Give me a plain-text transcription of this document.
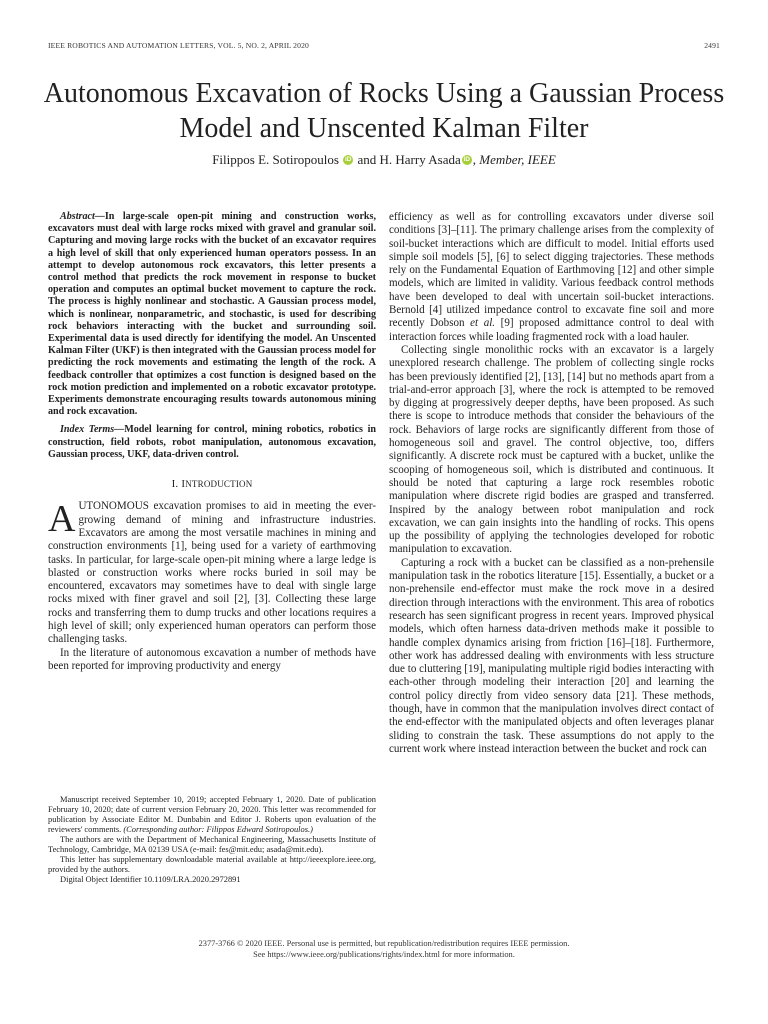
IEEE ROBOTICS AND AUTOMATION LETTERS, VOL. 5, NO. 2, APRIL 2020	2491
Autonomous Excavation of Rocks Using a Gaussian Process Model and Unscented Kalman Filter
Filippos E. Sotiropoulos iD and H. Harry Asada iD , Member, IEEE

Abstract—In large-scale open-pit mining and construction works, excavators must deal with large rocks mixed with gravel and granular soil. Capturing and moving large rocks with the bucket of an excavator requires a high level of skill that only experienced human operators possess. In an attempt to develop autonomous rock excavators, this letter presents a control method that predicts the rock movement in response to bucket operation and computes an optimal bucket movement to capture the rock. The process is highly nonlinear and stochastic. A Gaussian process model, which is nonlinear, nonparametric, and stochastic, is used for describing rock behaviors interacting with the bucket and surrounding soil. Experimental data is used directly for identifying the model. An Unscented Kalman Filter (UKF) is then integrated with the Gaussian process model for predicting the rock movements and estimating the length of the rock. A feedback controller that optimizes a cost function is designed based on the rock motion prediction and implemented on a robotic excavator prototype. Experiments demonstrate encouraging results towards autonomous mining and rock excavation.

Index Terms—Model learning for control, mining robotics, robotics in construction, field robots, robot manipulation, autonomous excavation, Gaussian process, UKF, data-driven control.

I. INTRODUCTION

AUTONOMOUS excavation promises to aid in meeting the ever-growing demand of mining and infrastructure industries. Excavators are among the most versatile machines in mining and construction environments [1], being used for a variety of earthmoving tasks. In particular, for large-scale open-pit mining where a large ledge is blasted or construction works where rocks buried in soil may be encountered, excavators may sometimes have to deal with single large rocks mixed with finer gravel and soil [2], [3]. Collecting these large rocks and transferring them to dump trucks and other locations requires a high level of skill; only experienced human operators can perform those challenging tasks.

In the literature of autonomous excavation a number of methods have been reported for improving productivity and energy

Manuscript received September 10, 2019; accepted February 1, 2020. Date of publication February 10, 2020; date of current version February 20, 2020. This letter was recommended for publication by Associate Editor M. Dunbabin and Editor J. Roberts upon evaluation of the reviewers' comments. (Corresponding author: Filippos Edward Sotiropoulos.)

The authors are with the Department of Mechanical Engineering, Massachusetts Institute of Technology, Cambridge, MA 02139 USA (e-mail: fes@mit.edu; asada@mit.edu).

This letter has supplementary downloadable material available at http://ieeexplore.ieee.org, provided by the authors.

Digital Object Identifier 10.1109/LRA.2020.2972891

efficiency as well as for controlling excavators under diverse soil conditions [3]–[11]. The primary challenge arises from the complexity of soil-bucket interactions which are difficult to model. Initial efforts used simple soil models [5], [6] to select digging trajectories. These methods rely on the Fundamental Equation of Earthmoving [12] and other simple models, which are limited in validity. Various feedback control methods have been developed to deal with uncertain soil-bucket interactions. Bernold [4] utilized impedance control to excavate fine soil and more recently Dobson et al. [9] proposed admittance control to deal with interaction forces while loading fragmented rock with a load hauler.

Collecting single monolithic rocks with an excavator is a largely unexplored research challenge. The problem of collecting single rocks has been previously identified [2], [13], [14] but no methods apart from a trial-and-error approach [3], where the rock is attempted to be removed by digging at progressively deeper depths, have been proposed. As such there is scope to introduce methods that consider the behaviours of the rock. Behaviors of large rocks are significantly different from those of homogeneous soil and gravel. The control objective, too, differs significantly. A discrete rock must be captured with a bucket, unlike the scooping of homogeneous soil, which is distributed and continuous. It should be noted that capturing a large rock resembles robotic manipulation where discrete rigid bodies are grasped and transferred. Inspired by the analogy between robot manipulation and rock excavation, we can gain insights into the handling of rocks. This opens up the possibility of applying the technologies developed for robotic manipulation to excavation.

Capturing a rock with a bucket can be classified as a non-prehensile manipulation task in the robotics literature [15]. Essentially, a bucket or a non-prehensile end-effector must make the rock move in a desired direction through interactions with the environment. This area of robotics research has seen significant progress in recent years. Improved physical models, which often harness data-driven methods make it possible to handle complex dynamics arising from friction [16]–[18]. Furthermore, other work has addressed dealing with environments with less structure due to cluttering [19], manipulating multiple rigid bodies interacting with each-other through modeling their interaction [20] and learning the control policy directly from video sensory data [21]. These methods, though, have in common that the manipulation involves direct contact of the end-effector with the manipulated objects and often leverages planar sliding to constrain the task. These assumptions do not apply to the current work where instead interaction between the bucket and rock can

2377-3766 © 2020 IEEE. Personal use is permitted, but republication/redistribution requires IEEE permission.
See https://www.ieee.org/publications/rights/index.html for more information.
